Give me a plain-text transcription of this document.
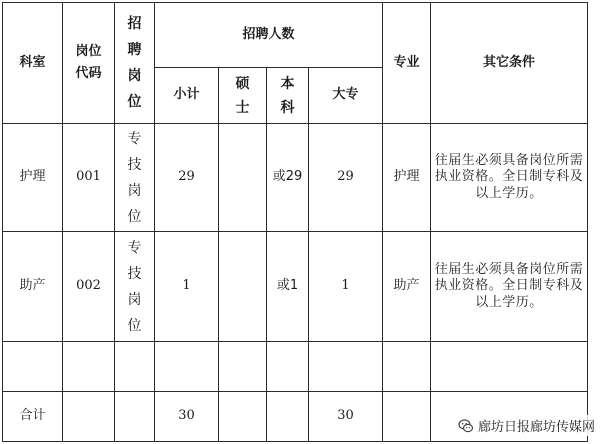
科室	岗位代码	招聘岗位	招聘人数				专业	其它条件
			小计	硕士	本科	大专		
护理	001	专技岗位	29		或29	29	护理	往届生必须具备岗位所需执业资格。全日制专科及以上学历。
助产	002	专技岗位	1		或1	1	助产	往届生必须具备岗位所需执业资格。全日制专科及以上学历。

合计			30			30		
廊坊日报廊坊传媒网
